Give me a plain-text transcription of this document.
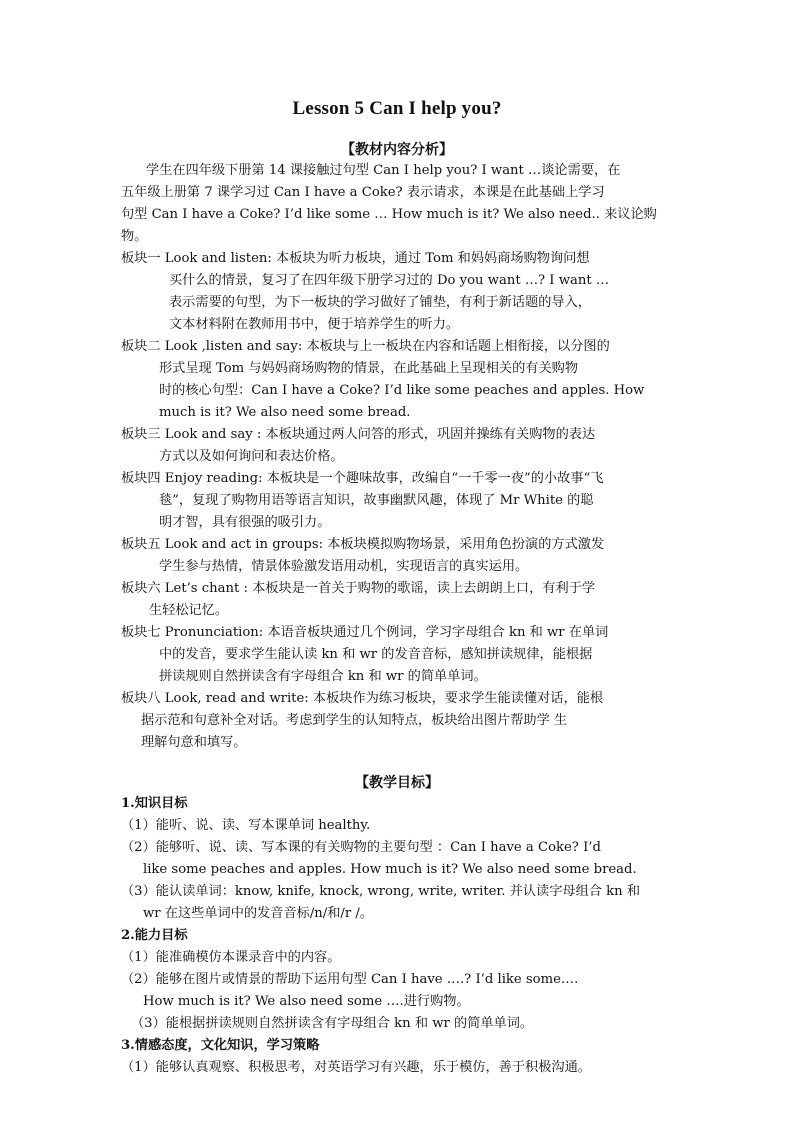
Lesson 5 Can I help you?
【教材内容分析】
学生在四年级下册第 14 课接触过句型 Can I help you? I want …谈论需要，在
五年级上册第 7 课学习过 Can I have a Coke? 表示请求，本课是在此基础上学习
句型 Can I have a Coke? I’d like some … How much is it? We also need.. 来议论购
物。
板块一 Look and listen: 本板块为听力板块，通过 Tom 和妈妈商场购物询问想
买什么的情景，复习了在四年级下册学习过的 Do you want …? I want …
表示需要的句型，为下一板块的学习做好了铺垫，有利于新话题的导入，
文本材料附在教师用书中，便于培养学生的听力。
板块二 Look ,listen and say: 本板块与上一板块在内容和话题上相衔接，以分图的
形式呈现 Tom 与妈妈商场购物的情景，在此基础上呈现相关的有关购物
时的核心句型：Can I have a Coke? I’d like some peaches and apples. How
much is it? We also need some bread.
板块三 Look and say : 本板块通过两人问答的形式，巩固并操练有关购物的表达
方式以及如何询问和表达价格。
板块四 Enjoy reading: 本板块是一个趣味故事，改编自“一千零一夜”的小故事“飞
毯”，复现了购物用语等语言知识，故事幽默风趣，体现了 Mr White 的聪
明才智，具有很强的吸引力。
板块五 Look and act in groups: 本板块模拟购物场景，采用角色扮演的方式激发
学生参与热情，情景体验激发语用动机，实现语言的真实运用。
板块六 Let’s chant : 本板块是一首关于购物的歌谣，读上去朗朗上口，有利于学
生轻松记忆。
板块七 Pronunciation: 本语音板块通过几个例词，学习字母组合 kn 和 wr 在单词
中的发音，要求学生能认读 kn 和 wr 的发音音标，感知拼读规律，能根据
拼读规则自然拼读含有字母组合 kn 和 wr 的简单单词。
板块八 Look, read and write: 本板块作为练习板块，要求学生能读懂对话，能根
据示范和句意补全对话。考虑到学生的认知特点，板块给出图片帮助学 生
理解句意和填写。
【教学目标】
1.知识目标
（1）能听、说、读、写本课单词 healthy.
（2）能够听、说、读、写本课的有关购物的主要句型 ：Can I have a Coke? I’d
like some peaches and apples. How much is it? We also need some bread.
（3）能认读单词：know, knife, knock, wrong, write, writer. 并认读字母组合 kn 和
wr 在这些单词中的发音音标/n/和/r /。
2.能力目标
（1）能准确模仿本课录音中的内容。
（2）能够在图片或情景的帮助下运用句型 Can I have ….? I’d like some….
How much is it? We also need some ….进行购物。
（3）能根据拼读规则自然拼读含有字母组合 kn 和 wr 的简单单词。
3.情感态度，文化知识，学习策略
（1）能够认真观察、积极思考，对英语学习有兴趣，乐于模仿，善于积极沟通。
